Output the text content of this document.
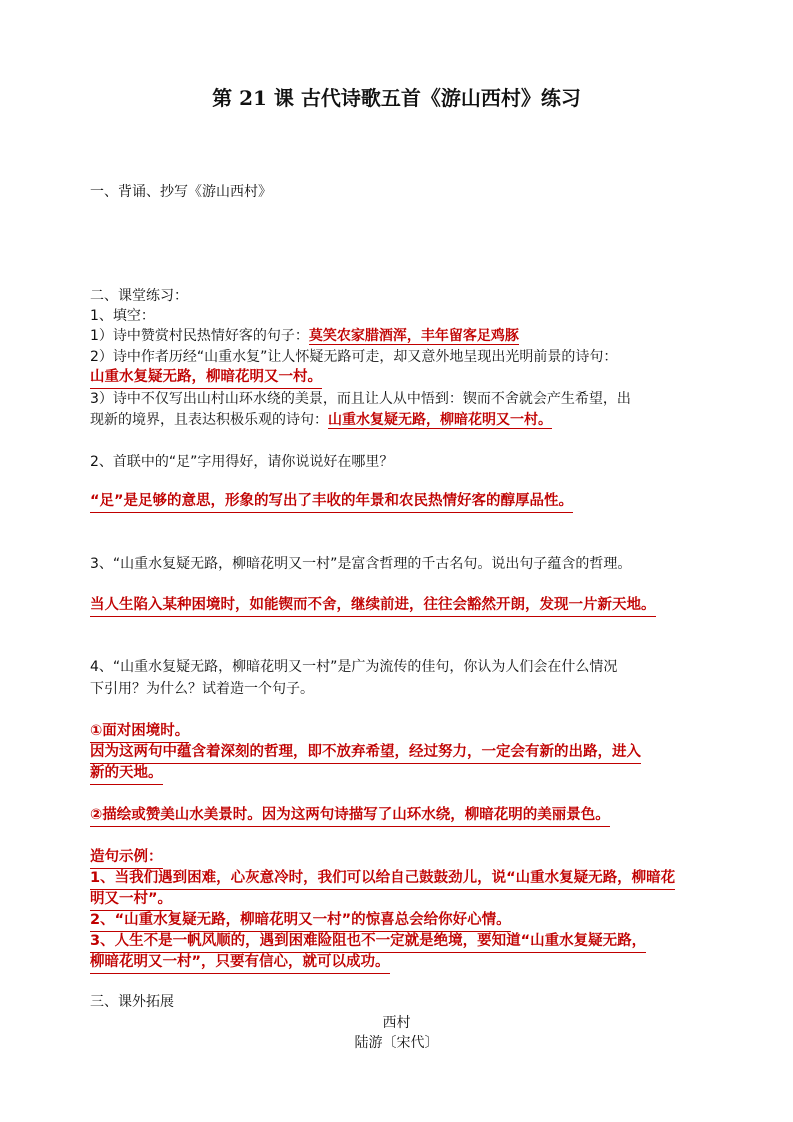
第 21 课 古代诗歌五首《游山西村》练习
一、背诵、抄写《游山西村》
二、课堂练习：
1、填空：
1）诗中赞赏村民热情好客的句子：莫笑农家腊酒浑，丰年留客足鸡豚
2）诗中作者历经“山重水复”让人怀疑无路可走，却又意外地呈现出光明前景的诗句：
山重水复疑无路，柳暗花明又一村。
3）诗中不仅写出山村山环水绕的美景，而且让人从中悟到：锲而不舍就会产生希望，出
现新的境界，且表达积极乐观的诗句：山重水复疑无路，柳暗花明又一村。
2、首联中的“足”字用得好，请你说说好在哪里？
“足”是足够的意思，形象的写出了丰收的年景和农民热情好客的醇厚品性。
3、“山重水复疑无路，柳暗花明又一村”是富含哲理的千古名句。说出句子蕴含的哲理。
当人生陷入某种困境时，如能锲而不舍，继续前进，往往会豁然开朗，发现一片新天地。
4、“山重水复疑无路，柳暗花明又一村”是广为流传的佳句，你认为人们会在什么情况
下引用？为什么？试着造一个句子。
①面对困境时。
因为这两句中蕴含着深刻的哲理，即不放弃希望，经过努力，一定会有新的出路，进入
新的天地。
②描绘或赞美山水美景时。因为这两句诗描写了山环水绕，柳暗花明的美丽景色。
造句示例：
1、当我们遇到困难，心灰意冷时，我们可以给自己鼓鼓劲儿，说“山重水复疑无路，柳暗花
明又一村”。
2、“山重水复疑无路，柳暗花明又一村”的惊喜总会给你好心情。
3、人生不是一帆风顺的，遇到困难险阻也不一定就是绝境，要知道“山重水复疑无路，
柳暗花明又一村”，只要有信心，就可以成功。
三、课外拓展
西村
陆游〔宋代〕
